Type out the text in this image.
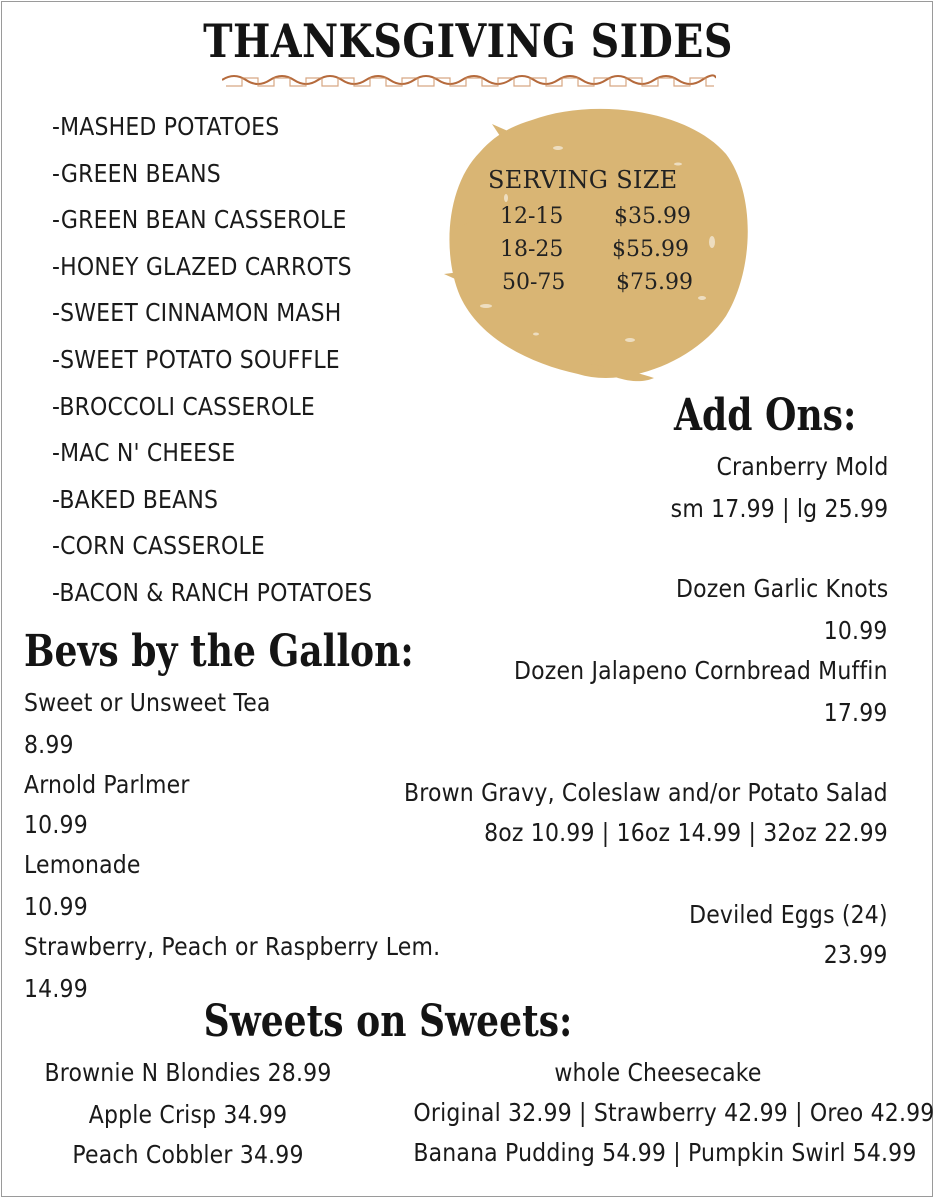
THANKSGIVING SIDES
-MASHED POTATOES
-GREEN BEANS
-GREEN BEAN CASSEROLE
-HONEY GLAZED CARROTS
-SWEET CINNAMON MASH
-SWEET POTATO SOUFFLE
-BROCCOLI CASSEROLE
-MAC N' CHEESE
-BAKED BEANS
-CORN CASSEROLE
-BACON & RANCH POTATOES
SERVING SIZE
12-15 $35.99
18-25 $55.99
50-75 $75.99
Add Ons:
Cranberry Mold
sm 17.99 | lg 25.99
Dozen Garlic Knots
10.99
Dozen Jalapeno Cornbread Muffin
17.99
Brown Gravy, Coleslaw and/or Potato Salad
8oz 10.99 | 16oz 14.99 | 32oz 22.99
Deviled Eggs (24)
23.99
Bevs by the Gallon:
Sweet or Unsweet Tea
8.99
Arnold Parlmer
10.99
Lemonade
10.99
Strawberry, Peach or Raspberry Lem.
14.99
Sweets on Sweets:
Brownie N Blondies 28.99
Apple Crisp 34.99
Peach Cobbler 34.99
whole Cheesecake
Original 32.99 | Strawberry 42.99 | Oreo 42.99
Banana Pudding 54.99 | Pumpkin Swirl 54.99
